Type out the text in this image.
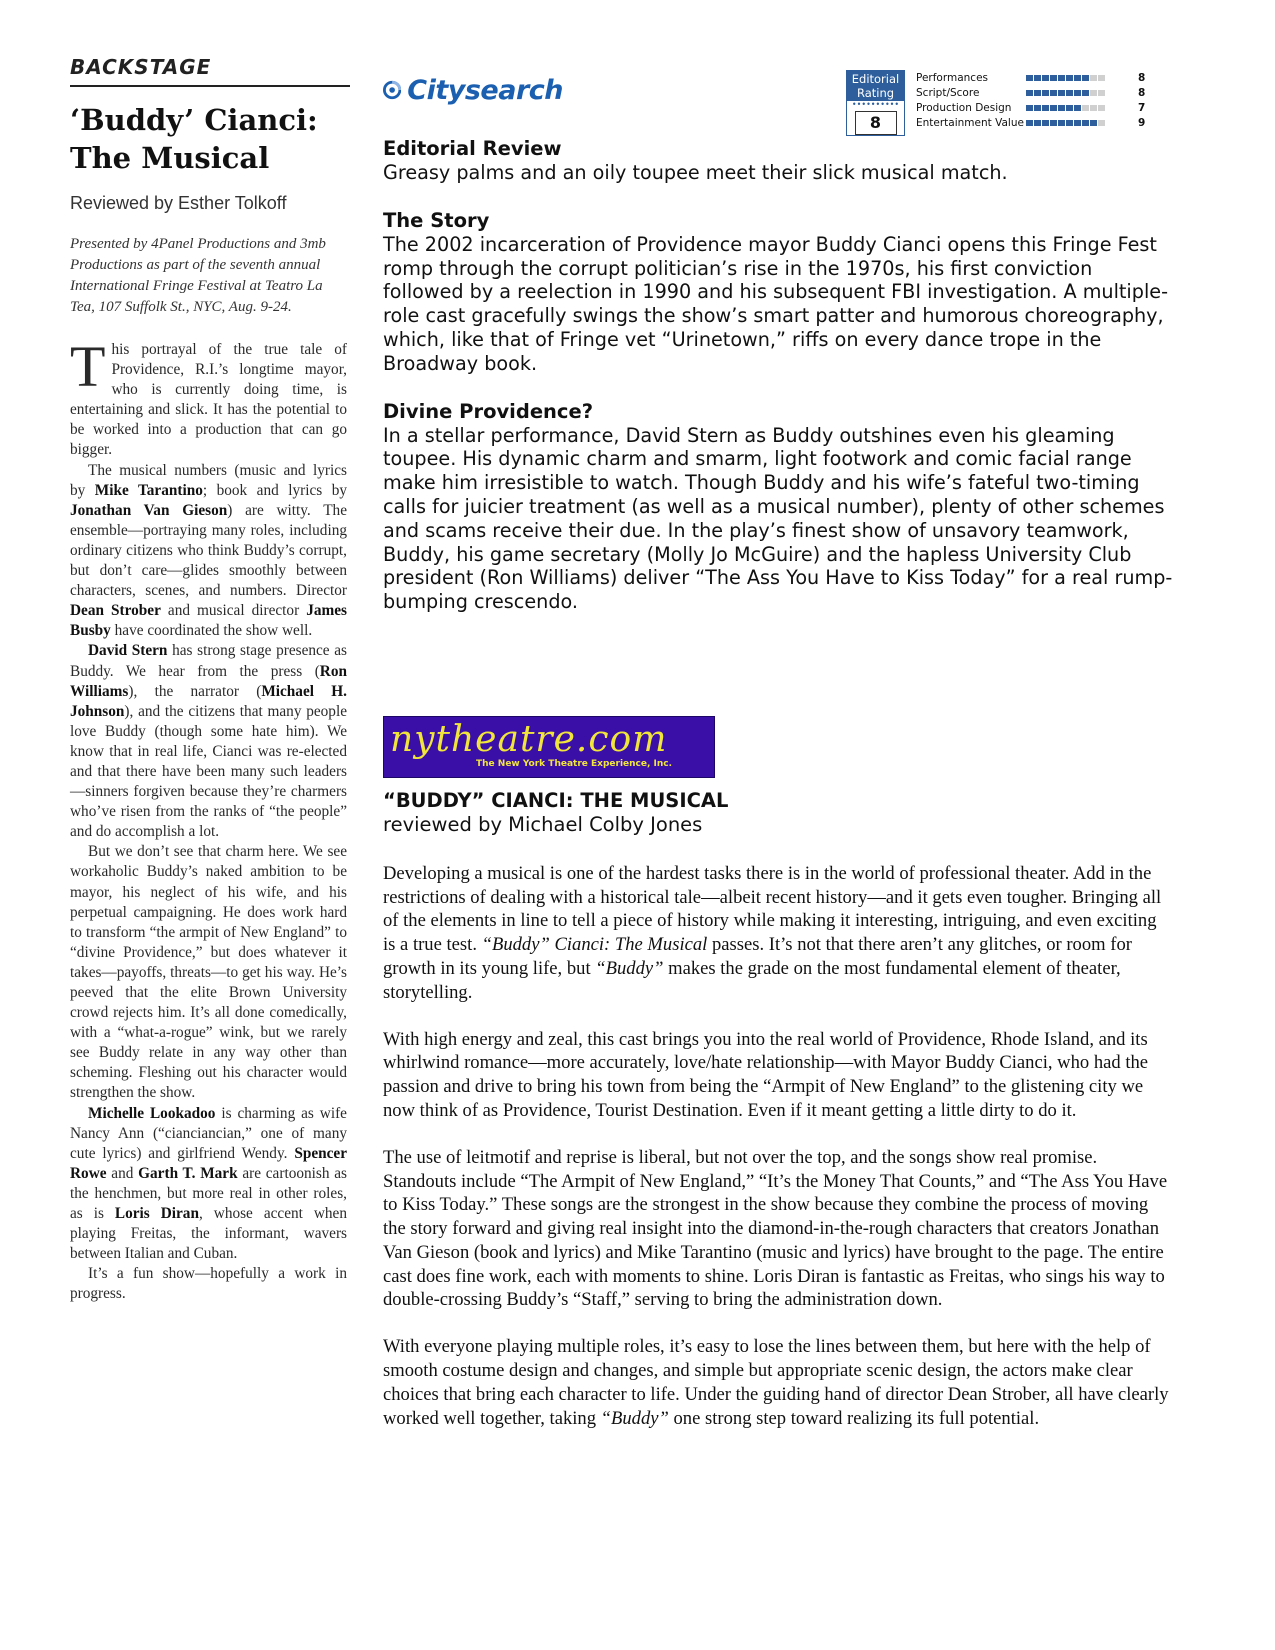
BACKSTAGE
‘Buddy’ Cianci:
The Musical
Reviewed by Esther Tolkoff
Presented by 4Panel Productions and 3mb Productions as part of the seventh annual International Fringe Festival at Teatro La Tea, 107 Suffolk St., NYC, Aug. 9-24.

This portrayal of the true tale of Providence, R.I.’s longtime mayor, who is currently doing time, is entertaining and slick. It has the potential to be worked into a production that can go bigger.

The musical numbers (music and lyrics by Mike Tarantino; book and lyrics by Jonathan Van Gieson) are witty. The ensemble—portraying many roles, including ordinary citizens who think Buddy’s corrupt, but don’t care—glides smoothly between characters, scenes, and numbers. Director Dean Strober and musical director James Busby have coordinated the show well.

David Stern has strong stage presence as Buddy. We hear from the press (Ron Williams), the narrator (Michael H. Johnson), and the citizens that many people love Buddy (though some hate him). We know that in real life, Cianci was re-elected and that there have been many such leaders—sinners forgiven because they’re charmers who’ve risen from the ranks of “the people” and do accomplish a lot.

But we don’t see that charm here. We see workaholic Buddy’s naked ambition to be mayor, his neglect of his wife, and his perpetual campaigning. He does work hard to transform “the armpit of New England” to “divine Providence,” but does whatever it takes—payoffs, threats—to get his way. He’s peeved that the elite Brown University crowd rejects him. It’s all done comedically, with a “what-a-rogue” wink, but we rarely see Buddy relate in any way other than scheming. Fleshing out his character would strengthen the show.

Michelle Lookadoo is charming as wife Nancy Ann (“cianciancian,” one of many cute lyrics) and girlfriend Wendy. Spencer Rowe and Garth T. Mark are cartoonish as the henchmen, but more real in other roles, as is Loris Diran, whose accent when playing Freitas, the informant, wavers between Italian and Cuban.

It’s a fun show—hopefully a work in progress.

Citysearch	Editorial
Rating
••••••••••
8
Performances	8
Script/Score	8
Production Design	7
Entertainment Value	9
Editorial Review

Greasy palms and an oily toupee meet their slick musical match.

The Story

The 2002 incarceration of Providence mayor Buddy Cianci opens this Fringe Fest romp through the corrupt politician’s rise in the 1970s, his first conviction followed by a reelection in 1990 and his subsequent FBI investigation. A multiple-role cast gracefully swings the show’s smart patter and humorous choreography, which, like that of Fringe vet “Urinetown,” riffs on every dance trope in the Broadway book.

Divine Providence?

In a stellar performance, David Stern as Buddy outshines even his gleaming toupee. His dynamic charm and smarm, light footwork and comic facial range make him irresistible to watch. Though Buddy and his wife’s fateful two-timing calls for juicier treatment (as well as a musical number), plenty of other schemes and scams receive their due. In the play’s finest show of unsavory teamwork, Buddy, his game secretary (Molly Jo McGuire) and the hapless University Club president (Ron Williams) deliver “The Ass You Have to Kiss Today” for a real rump-bumping crescendo.

nytheatre.com
The New York Theatre Experience, Inc.
“BUDDY” CIANCI: THE MUSICAL
reviewed by Michael Colby Jones

Developing a musical is one of the hardest tasks there is in the world of professional theater. Add in the restrictions of dealing with a historical tale—albeit recent history—and it gets even tougher. Bringing all of the elements in line to tell a piece of history while making it interesting, intriguing, and even exciting is a true test. “Buddy” Cianci: The Musical passes. It’s not that there aren’t any glitches, or room for growth in its young life, but “Buddy” makes the grade on the most fundamental element of theater, storytelling.

With high energy and zeal, this cast brings you into the real world of Providence, Rhode Island, and its whirlwind romance—more accurately, love/hate relationship—with Mayor Buddy Cianci, who had the passion and drive to bring his town from being the “Armpit of New England” to the glistening city we now think of as Providence, Tourist Destination. Even if it meant getting a little dirty to do it.

The use of leitmotif and reprise is liberal, but not over the top, and the songs show real promise. Standouts include “The Armpit of New England,” “It’s the Money That Counts,” and “The Ass You Have to Kiss Today.” These songs are the strongest in the show because they combine the process of moving the story forward and giving real insight into the diamond-in-the-rough characters that creators Jonathan Van Gieson (book and lyrics) and Mike Tarantino (music and lyrics) have brought to the page. The entire cast does fine work, each with moments to shine. Loris Diran is fantastic as Freitas, who sings his way to double-crossing Buddy’s “Staff,” serving to bring the administration down.

With everyone playing multiple roles, it’s easy to lose the lines between them, but here with the help of smooth costume design and changes, and simple but appropriate scenic design, the actors make clear choices that bring each character to life. Under the guiding hand of director Dean Strober, all have clearly worked well together, taking “Buddy” one strong step toward realizing its full potential.
